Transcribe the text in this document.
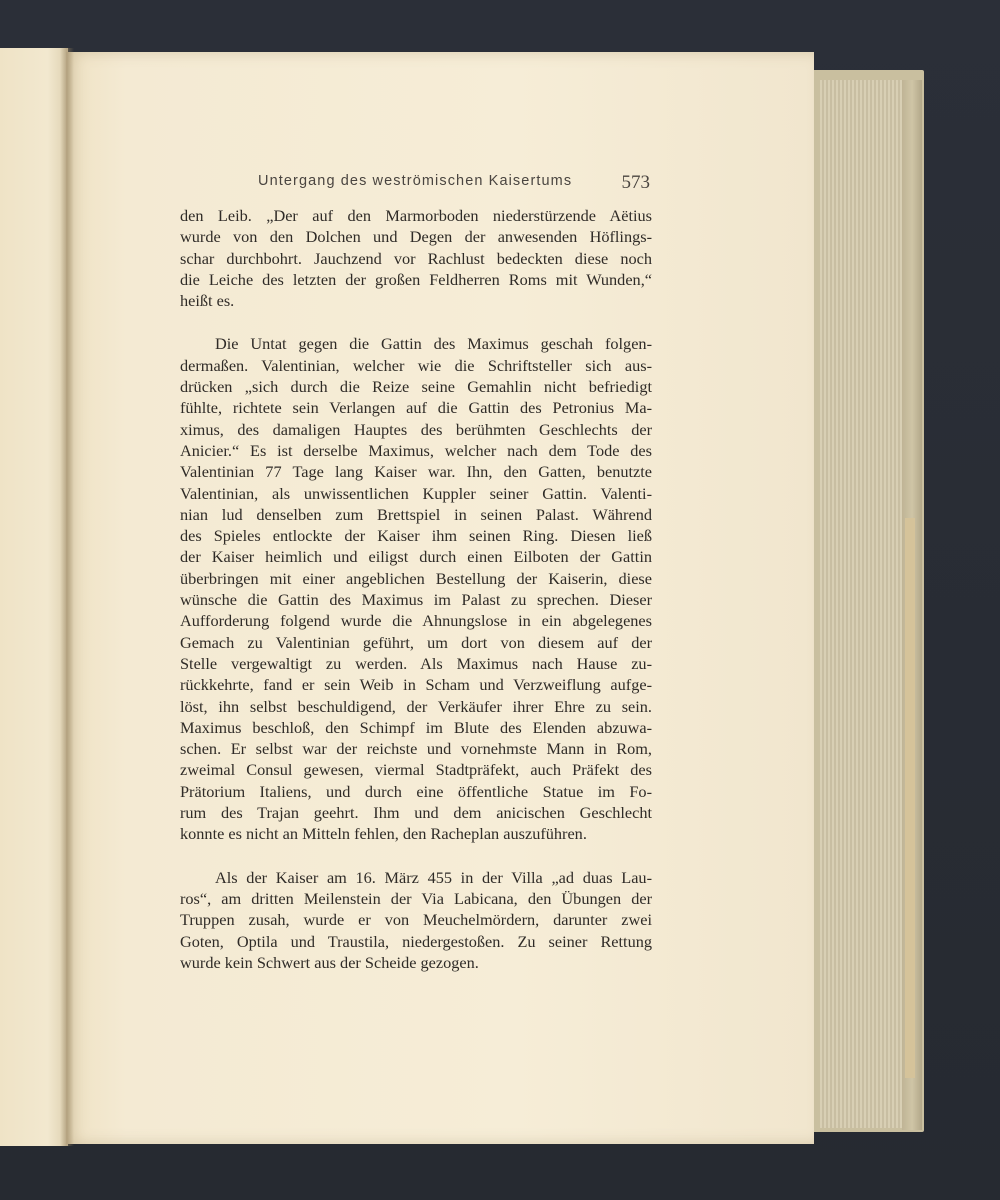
Untergang des weströmischen Kaisertums	573

den Leib. „Der auf den Marmorboden niederstürzende Aëtius
wurde von den Dolchen und Degen der anwesenden Höflings-
schar durchbohrt. Jauchzend vor Rachlust bedeckten diese noch
die Leiche des letzten der großen Feldherren Roms mit Wunden,“
heißt es.

Die Untat gegen die Gattin des Maximus geschah folgen-
dermaßen. Valentinian, welcher wie die Schriftsteller sich aus-
drücken „sich durch die Reize seine Gemahlin nicht befriedigt
fühlte, richtete sein Verlangen auf die Gattin des Petronius Ma-
ximus, des damaligen Hauptes des berühmten Geschlechts der
Anicier.“ Es ist derselbe Maximus, welcher nach dem Tode des
Valentinian 77 Tage lang Kaiser war. Ihn, den Gatten, benutzte
Valentinian, als unwissentlichen Kuppler seiner Gattin. Valenti-
nian lud denselben zum Brettspiel in seinen Palast. Während
des Spieles entlockte der Kaiser ihm seinen Ring. Diesen ließ
der Kaiser heimlich und eiligst durch einen Eilboten der Gattin
überbringen mit einer angeblichen Bestellung der Kaiserin, diese
wünsche die Gattin des Maximus im Palast zu sprechen. Dieser
Aufforderung folgend wurde die Ahnungslose in ein abgelegenes
Gemach zu Valentinian geführt, um dort von diesem auf der
Stelle vergewaltigt zu werden. Als Maximus nach Hause zu-
rückkehrte, fand er sein Weib in Scham und Verzweiflung aufge-
löst, ihn selbst beschuldigend, der Verkäufer ihrer Ehre zu sein.
Maximus beschloß, den Schimpf im Blute des Elenden abzuwa-
schen. Er selbst war der reichste und vornehmste Mann in Rom,
zweimal Consul gewesen, viermal Stadtpräfekt, auch Präfekt des
Prätorium Italiens, und durch eine öffentliche Statue im Fo-
rum des Trajan geehrt. Ihm und dem anicischen Geschlecht
konnte es nicht an Mitteln fehlen, den Racheplan auszuführen.

Als der Kaiser am 16. März 455 in der Villa „ad duas Lau-
ros“, am dritten Meilenstein der Via Labicana, den Übungen der
Truppen zusah, wurde er von Meuchelmördern, darunter zwei
Goten, Optila und Traustila, niedergestoßen. Zu seiner Rettung
wurde kein Schwert aus der Scheide gezogen.
